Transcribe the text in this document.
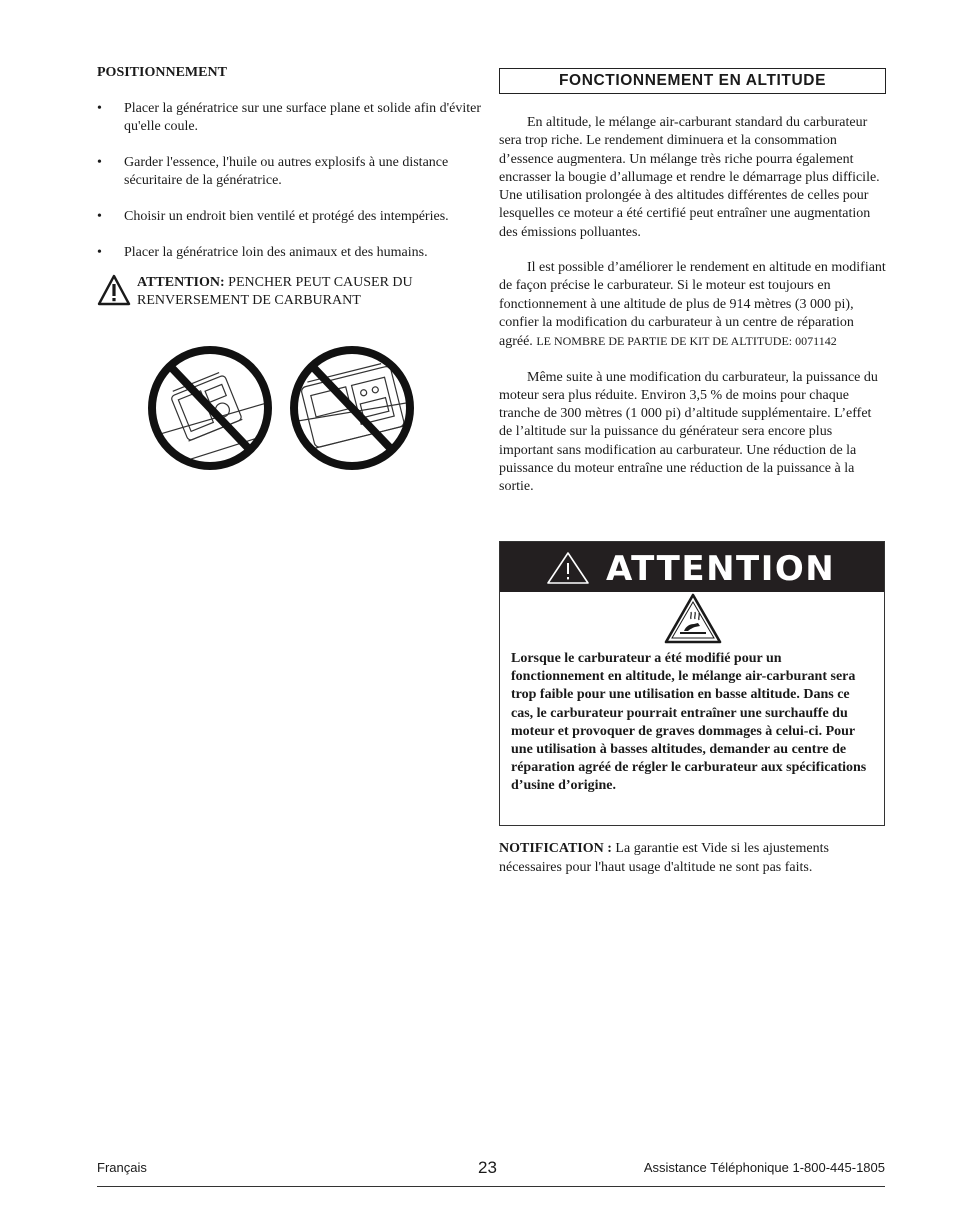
POSITIONNEMENT

• Placer la génératrice sur une surface plane et solide afin d'éviter qu'elle coule.
• Garder l'essence, l'huile ou autres explosifs à une distance sécuritaire de la génératrice.
• Choisir un endroit bien ventilé et protégé des intempéries.
• Placer la génératrice loin des animaux et des humains.
ATTENTION: PENCHER PEUT CAUSER DU RENVERSEMENT DE CARBURANT
FONCTIONNEMENT EN ALTITUDE

En altitude, le mélange air-carburant standard du carburateur sera trop riche. Le rendement diminuera et la consommation d’essence augmentera. Un mélange très riche pourra également encrasser la bougie d’allumage et rendre le démarrage plus difficile. Une utilisation prolongée à des altitudes différentes de celles pour lesquelles ce moteur a été certifié peut entraîner une augmentation des émissions polluantes.

Il est possible d’améliorer le rendement en altitude en modifiant de façon précise le carburateur. Si le moteur est toujours en fonctionnement à une altitude de plus de 914 mètres (3 000 pi), confier la modification du carburateur à un centre de réparation agréé. LE NOMBRE DE PARTIE DE KIT DE ALTITUDE: 0071142

Même suite à une modification du carburateur, la puissance du moteur sera plus réduite. Environ 3,5 % de moins pour chaque tranche de 300 mètres (1 000 pi) d’altitude supplémentaire. L’effet de l’altitude sur la puissance du générateur sera encore plus important sans modification au carburateur. Une réduction de la puissance du moteur entraîne une réduction de la puissance à la sortie.

ATTENTION
Lorsque le carburateur a été modifié pour un fonctionnement en altitude, le mélange air-carburant sera trop faible pour une utilisation en basse altitude. Dans ce cas, le carburateur pourrait entraîner une surchauffe du moteur et provoquer de graves dommages à celui-ci. Pour une utilisation à basses altitudes, demander au centre de réparation agréé de régler le carburateur aux spécifications d’usine d’origine.
NOTIFICATION : La garantie est Vide si les ajustements nécessaires pour l'haut usage d'altitude ne sont pas faits.
Français	23	Assistance Téléphonique 1-800-445-1805
